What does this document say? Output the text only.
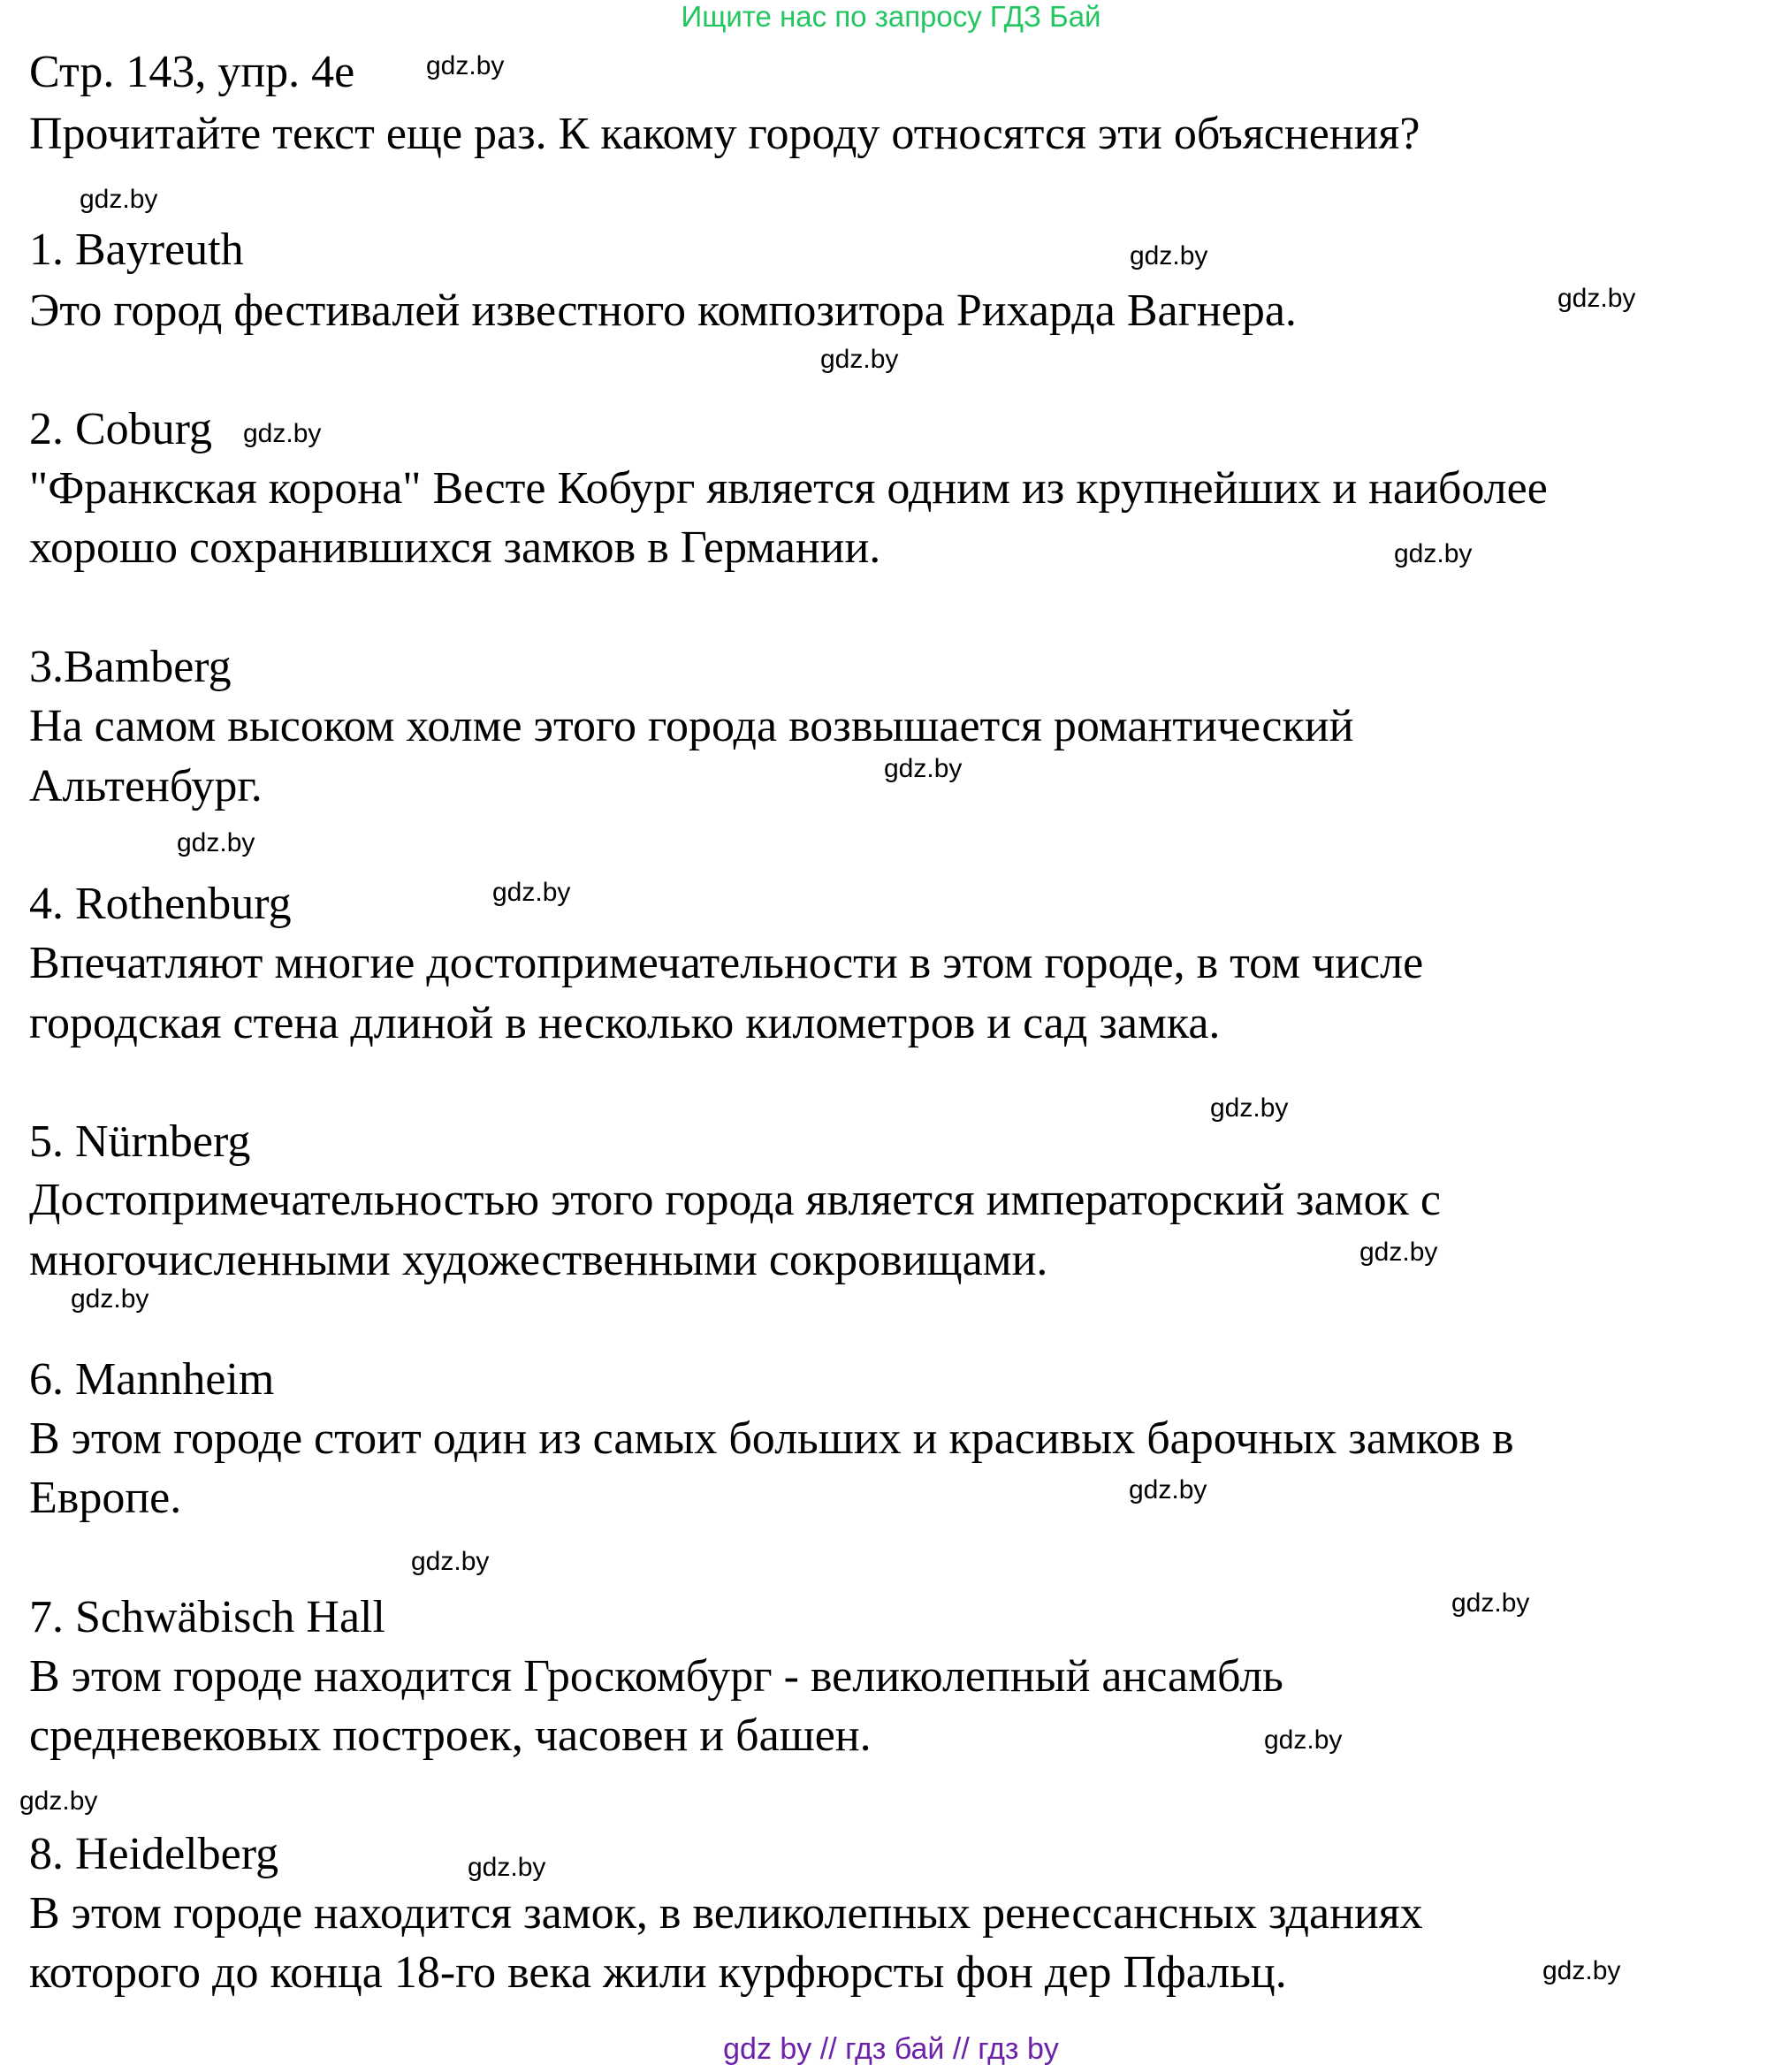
Ищите нас по запросу ГДЗ Бай
Стр. 143, упр. 4е
Прочитайте текст еще раз. К какому городу относятся эти объяснения?
1. Bayreuth
Это город фестивалей известного композитора Рихарда Вагнера.
2. Coburg
"Франкская корона" Весте Кобург является одним из крупнейших и наиболее
хорошо сохранившихся замков в Германии.
3.Bamberg
На самом высоком холме этого города возвышается романтический
Альтенбург.
4. Rothenburg
Впечатляют многие достопримечательности в этом городе, в том числе
городская стена длиной в несколько километров и сад замка.
5. Nürnberg
Достопримечательностью этого города является императорский замок с
многочисленными художественными сокровищами.
6. Mannheim
В этом городе стоит один из самых больших и красивых барочных замков в
Европе.
7. Schwäbisch Hall
В этом городе находится Гроскомбург - великолепный ансамбль
средневековых построек, часовен и башен.
8. Heidelberg
В этом городе находится замок, в великолепных ренессансных зданиях
которого до конца 18-го века жили курфюрсты фон дер Пфальц.
gdz.by
gdz.by
gdz.by
gdz.by
gdz.by
gdz.by
gdz.by
gdz.by
gdz.by
gdz.by
gdz.by
gdz.by
gdz.by
gdz.by
gdz.by
gdz.by
gdz.by
gdz.by
gdz.by
gdz.by
gdz by // гдз бай // гдз by
